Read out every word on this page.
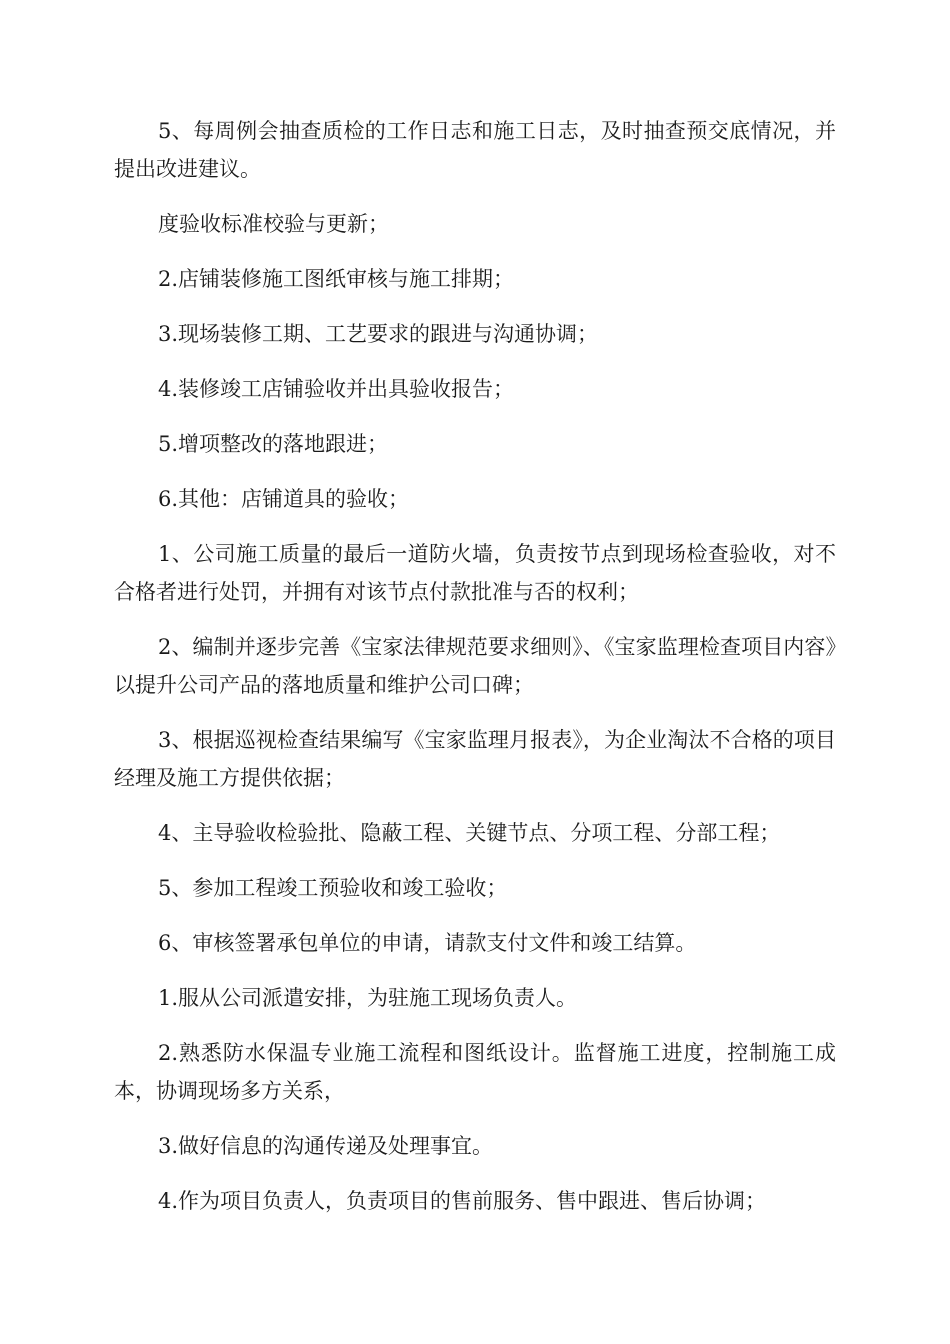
5、每周例会抽查质检的工作日志和施工日志，及时抽查预交底情况，并提出改进建议。

度验收标准校验与更新；

2.店铺装修施工图纸审核与施工排期；

3.现场装修工期、工艺要求的跟进与沟通协调；

4.装修竣工店铺验收并出具验收报告；

5.增项整改的落地跟进；

6.其他：店铺道具的验收；

1、公司施工质量的最后一道防火墙，负责按节点到现场检查验收，对不合格者进行处罚，并拥有对该节点付款批准与否的权利；

2、编制并逐步完善《宝家法律规范要求细则》、《宝家监理检查项目内容》以提升公司产品的落地质量和维护公司口碑；

3、根据巡视检查结果编写《宝家监理月报表》，为企业淘汰不合格的项目经理及施工方提供依据；

4、主导验收检验批、隐蔽工程、关键节点、分项工程、分部工程；

5、参加工程竣工预验收和竣工验收；

6、审核签署承包单位的申请，请款支付文件和竣工结算。

1.服从公司派遣安排，为驻施工现场负责人。

2.熟悉防水保温专业施工流程和图纸设计。监督施工进度，控制施工成本，协调现场多方关系，

3.做好信息的沟通传递及处理事宜。

4.作为项目负责人，负责项目的售前服务、售中跟进、售后协调；
